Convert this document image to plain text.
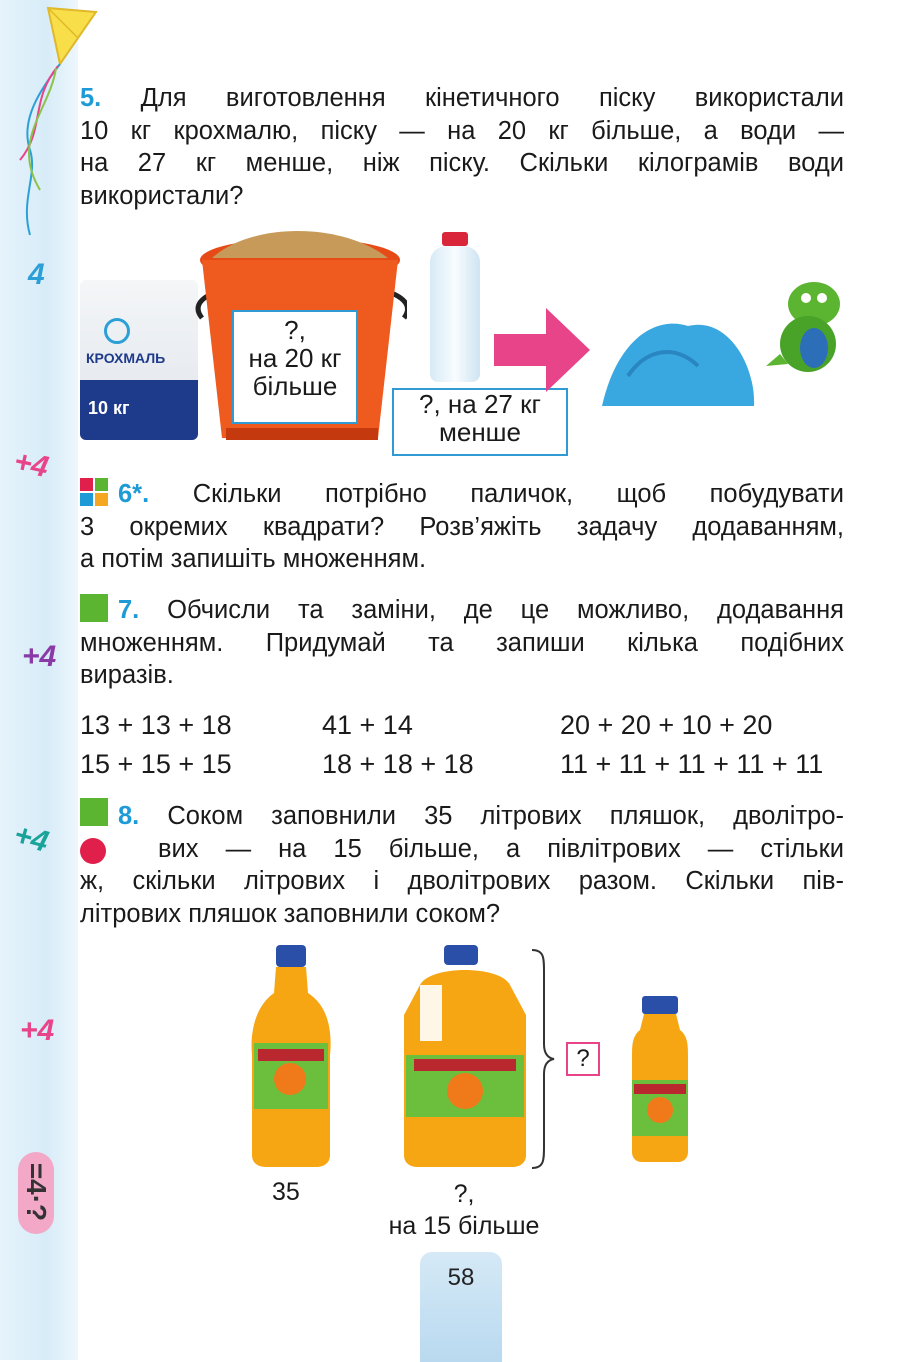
4
+4
+4
+4
+4
=4·?
5. Для виготовлення кінетичного піску використали
10 кг крохмалю, піску — на 20 кг більше, а води —
на 27 кг менше, ніж піску. Скільки кілограмів води
використали?
КРОХМАЛЬ
10 кг
?,
на 20 кг
більше
?, на 27 кг
менше
6*. Скільки потрібно паличок, щоб побудувати
3 окремих квадрати? Розв’яжіть задачу додаванням,
а потім запишіть множенням.
7. Обчисли та заміни, де це можливо, додавання
множенням. Придумай та запиши кілька подібних
виразів.
13 + 13 + 18	41 + 14	20 + 20 + 10 + 20
15 + 15 + 15	18 + 18 + 18	11 + 11 + 11 + 11 + 11
8. Соком заповнили 35 літрових пляшок, дволітро-
вих — на 15 більше, а півлітрових — стільки
ж, скільки літрових і дволітрових разом. Скільки пів-
літрових пляшок заповнили соком?
35	?,
на 15 більше
?
58
